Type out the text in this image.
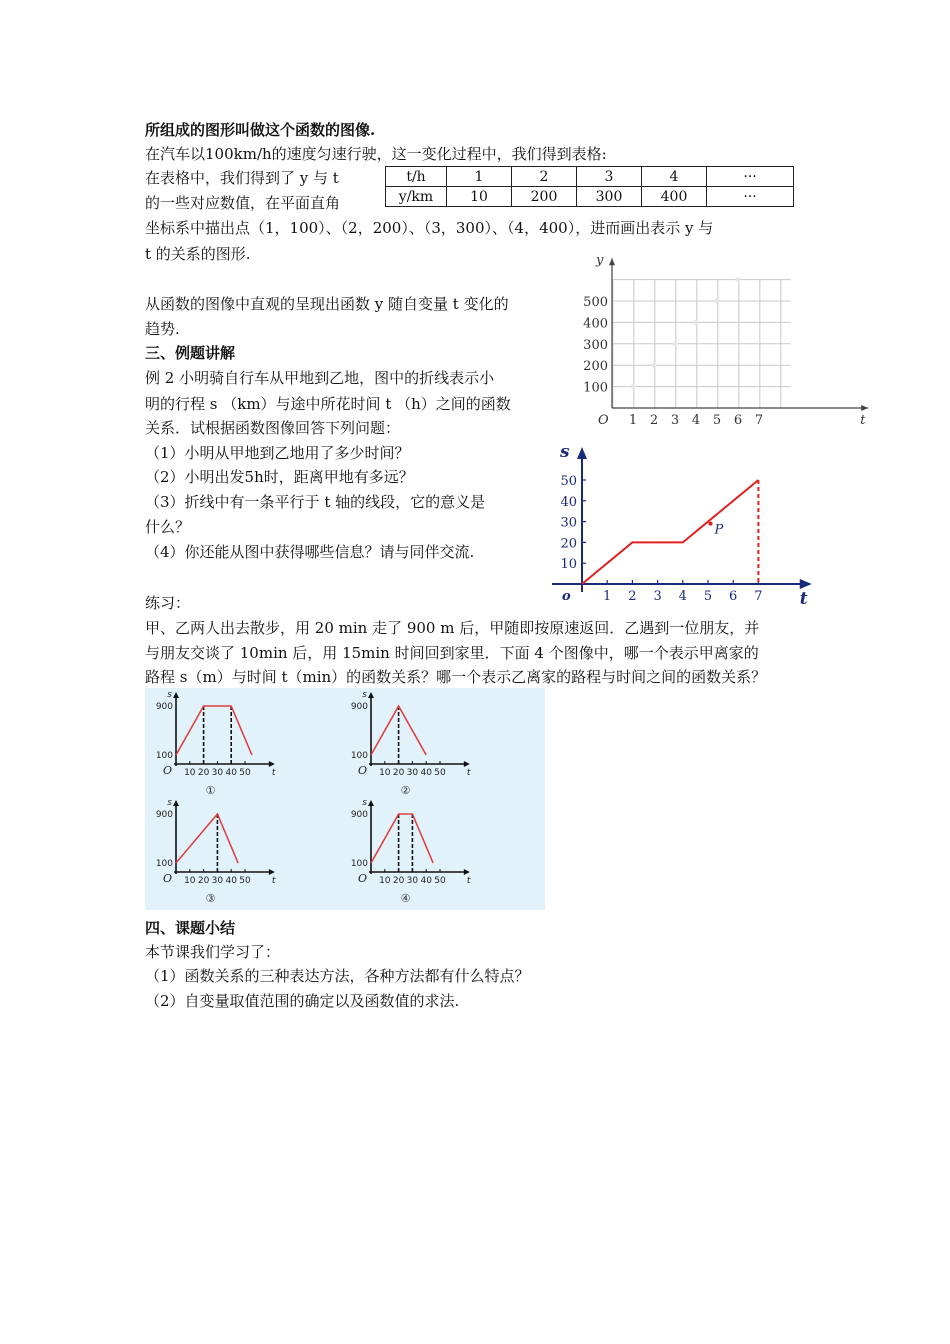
所组成的图形叫做这个函数的图像.
在汽车以100km/h的速度匀速行驶，这一变化过程中，我们得到表格:
在表格中，我们得到了 y 与 t
的一些对应数值，在平面直角
t/h	1	2	3	4	···
y/km	10	200	300	400	···
坐标系中描出点（1，100）、（2，200）、（3，300）、（4，400），进而画出表示 y 与
t 的关系的图形.
从函数的图像中直观的呈现出函数 y 随自变量 t 变化的
趋势.
1 2 3 4 5 6 7
100
200
300
400
500
O	t
y
三、例题讲解
例 2 小明骑自行车从甲地到乙地，图中的折线表示小
明的行程 s （km）与途中所花时间 t （h）之间的函数
关系．试根据函数图像回答下列问题：
（1）小明从甲地到乙地用了多少时间？
（2）小明出发5h时，距离甲地有多远？
（3）折线中有一条平行于 t 轴的线段，它的意义是
什么？
（4）你还能从图中获得哪些信息？请与同伴交流.
1 2 3 4 5 6 7
10
20
30
40
50
o	t
s
P
练习：
甲、乙两人出去散步，用 20 min 走了 900 m 后，甲随即按原速返回．乙遇到一位朋友，并
与朋友交谈了 10min 后，用 15min 时间回到家里．下面 4 个图像中，哪一个表示甲离家的
路程 s（m）与时间 t（min）的函数关系？哪一个表示乙离家的路程与时间之间的函数关系？
s
t
O
100
900
10 20 30 40 50
①
s
t
O
100
900
10 20 30 40 50
②
s
t
O
100
900
10 20 30 40 50
③
s
t
O
100
900
10 20 30 40 50
④
四、课题小结
本节课我们学习了：
（1）函数关系的三种表达方法，各种方法都有什么特点？
（2）自变量取值范围的确定以及函数值的求法.
